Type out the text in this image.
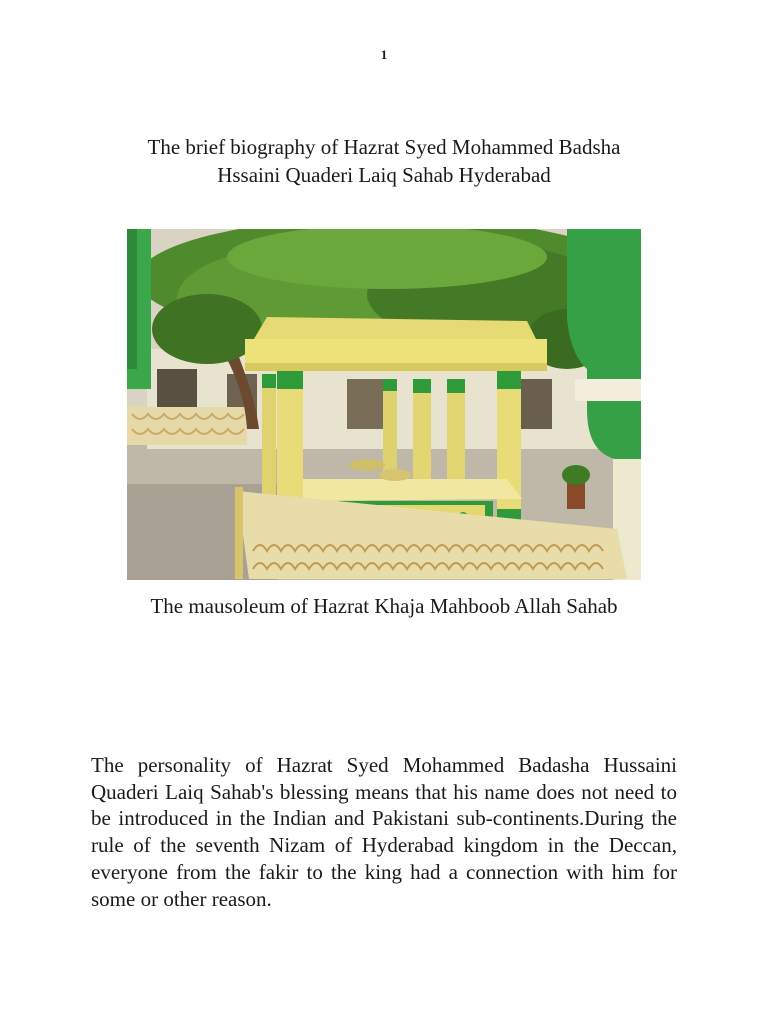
1
The brief biography of Hazrat Syed Mohammed Badsha
Hssaini Quaderi Laiq Sahab Hyderabad
The mausoleum of Hazrat Khaja Mahboob Allah Sahab

The personality of Hazrat Syed Mohammed Badasha Hussaini Quaderi Laiq Sahab's blessing means that his name does not need to be introduced in the Indian and Pakistani sub-continents.During the rule of the seventh Nizam of Hyderabad kingdom in the Deccan, everyone from the fakir to the king had a connection with him for some or other reason.
